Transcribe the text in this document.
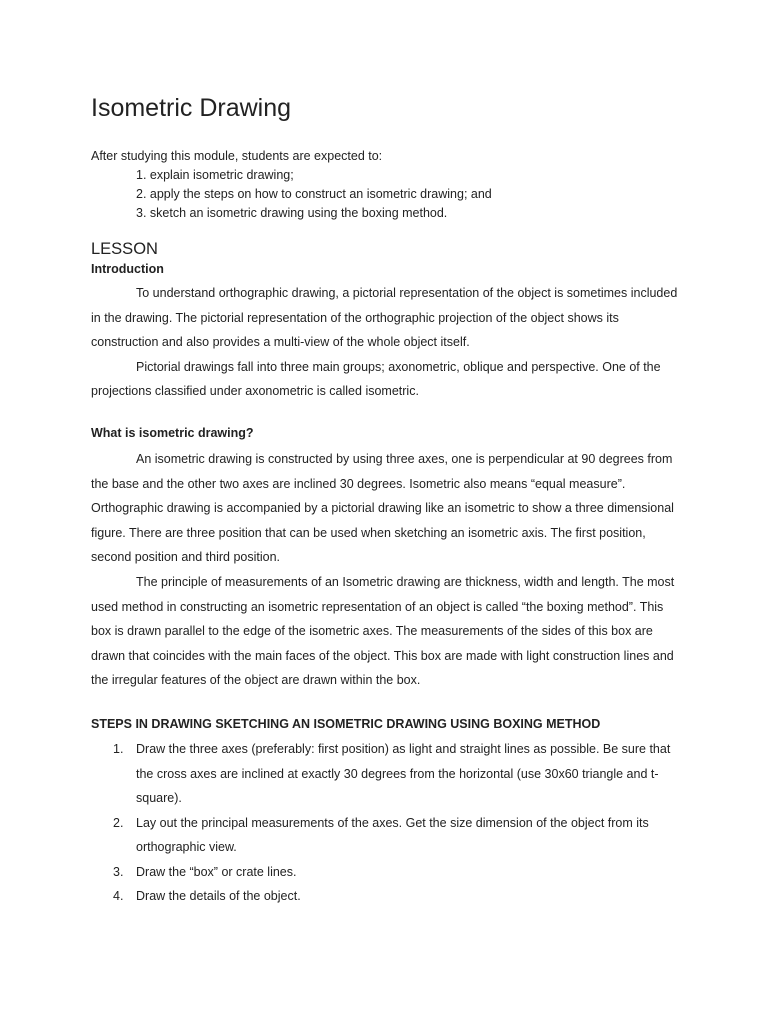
Isometric Drawing
After studying this module, students are expected to:
1. explain isometric drawing;
2. apply the steps on how to construct an isometric drawing; and
3. sketch an isometric drawing using the boxing method.
LESSON
Introduction

To understand orthographic drawing, a pictorial representation of the object is sometimes included in the drawing. The pictorial representation of the orthographic projection of the object shows its construction and also provides a multi-view of the whole object itself.

Pictorial drawings fall into three main groups; axonometric, oblique and perspective. One of the projections classified under axonometric is called isometric.

What is isometric drawing?

An isometric drawing is constructed by using three axes, one is perpendicular at 90 degrees from the base and the other two axes are inclined 30 degrees. Isometric also means “equal measure”. Orthographic drawing is accompanied by a pictorial drawing like an isometric to show a three dimensional figure. There are three position that can be used when sketching an isometric axis. The first position, second position and third position.

The principle of measurements of an Isometric drawing are thickness, width and length. The most used method in constructing an isometric representation of an object is called “the boxing method”. This box is drawn parallel to the edge of the isometric axes. The measurements of the sides of this box are drawn that coincides with the main faces of the object. This box are made with light construction lines and the irregular features of the object are drawn within the box.

STEPS IN DRAWING SKETCHING AN ISOMETRIC DRAWING USING BOXING METHOD
1. Draw the three axes (preferably: first position) as light and straight lines as possible. Be sure that the cross axes are inclined at exactly 30 degrees from the horizontal (use 30x60 triangle and t-square).
2. Lay out the principal measurements of the axes. Get the size dimension of the object from its orthographic view.
3. Draw the “box” or crate lines.
4. Draw the details of the object.
